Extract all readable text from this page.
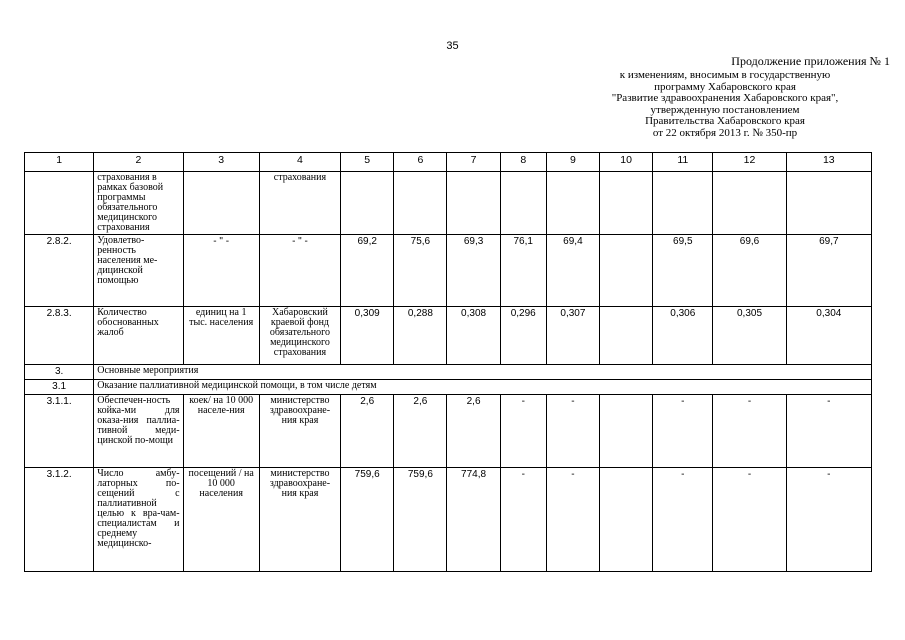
35
Продолжение приложения № 1
к изменениям, вносимым в государственную
программу Хабаровского края
"Развитие здравоохранения Хабаровского края",
утвержденную постановлением
Правительства Хабаровского края
от 22 октября 2013 г. № 350-пр
1	2	3	4	5	6	7	8	9	10	11	12	13
	страхования в рамках базовой программы обязательного медицинского страхования		страхования									
2.8.2.	Удовлетво-ренность населения ме-дицинской помощью	- " -	- " -	69,2	75,6	69,3	76,1	69,4		69,5	69,6	69,7
2.8.3.	Количество обоснованных жалоб	единиц на 1 тыс. населения	Хабаровский краевой фонд обязательного медицинского страхования	0,309	0,288	0,308	0,296	0,307		0,306	0,305	0,304
3.	Основные мероприятия											
3.1	Оказание паллиативной медицинской помощи, в том числе детям											
3.1.1.	Обеспечен-ность койка-ми для оказа-ния паллиа-тивной меди-цинской по-мощи	коек/ на 10 000 населе-ния	министерство здравоохране-ния края	2,6	2,6	2,6	-	-		-	-	-
3.1.2.	Число амбу-латорных по-сещений с паллиативной целью к вра-чам-специалистам и среднему медицинско-	посещений / на 10 000 населения	министерство здравоохране-ния края	759,6	759,6	774,8	-	-		-	-	-
